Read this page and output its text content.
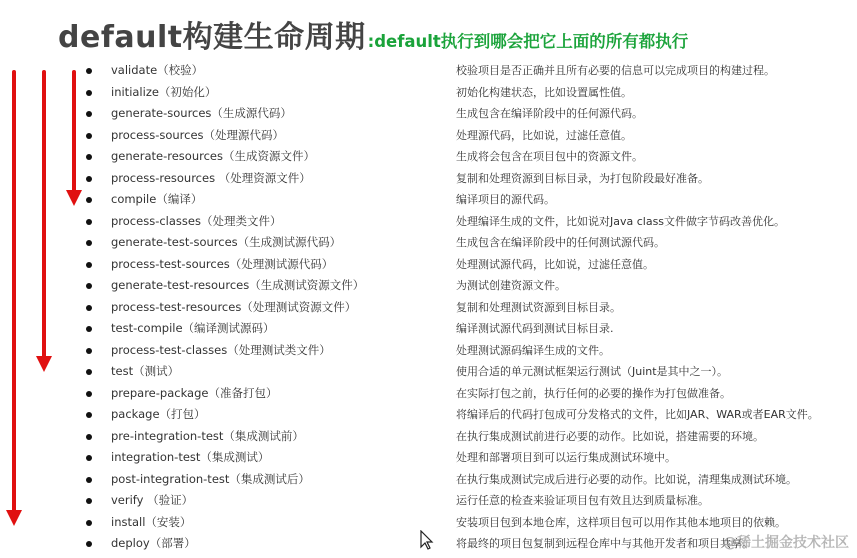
default构建生命周期 :default执行到哪会把它上面的所有都执行
validate（校验）	校验项目是否正确并且所有必要的信息可以完成项目的构建过程。
initialize（初始化）	初始化构建状态，比如设置属性值。
generate-sources（生成源代码）	生成包含在编译阶段中的任何源代码。
process-sources（处理源代码）	处理源代码，比如说，过滤任意值。
generate-resources（生成资源文件）	生成将会包含在项目包中的资源文件。
process-resources （处理资源文件）	复制和处理资源到目标目录，为打包阶段最好准备。
compile（编译）	编译项目的源代码。
process-classes（处理类文件）	处理编译生成的文件，比如说对Java class文件做字节码改善优化。
generate-test-sources（生成测试源代码）	生成包含在编译阶段中的任何测试源代码。
process-test-sources（处理测试源代码）	处理测试源代码，比如说，过滤任意值。
generate-test-resources（生成测试资源文件）	为测试创建资源文件。
process-test-resources（处理测试资源文件）	复制和处理测试资源到目标目录。
test-compile（编译测试源码）	编译测试源代码到测试目标目录.
process-test-classes（处理测试类文件）	处理测试源码编译生成的文件。
test（测试）	使用合适的单元测试框架运行测试（Juint是其中之一）。
prepare-package（准备打包）	在实际打包之前，执行任何的必要的操作为打包做准备。
package（打包）	将编译后的代码打包成可分发格式的文件，比如JAR、WAR或者EAR文件。
pre-integration-test（集成测试前）	在执行集成测试前进行必要的动作。比如说，搭建需要的环境。
integration-test（集成测试）	处理和部署项目到可以运行集成测试环境中。
post-integration-test（集成测试后）	在执行集成测试完成后进行必要的动作。比如说，清理集成测试环境。
verify （验证）	运行任意的检查来验证项目包有效且达到质量标准。
install（安装）	安装项目包到本地仓库，这样项目包可以用作其他本地项目的依赖。
deploy（部署）	将最终的项目包复制到远程仓库中与其他开发者和项目共享。
@稀土掘金技术社区
